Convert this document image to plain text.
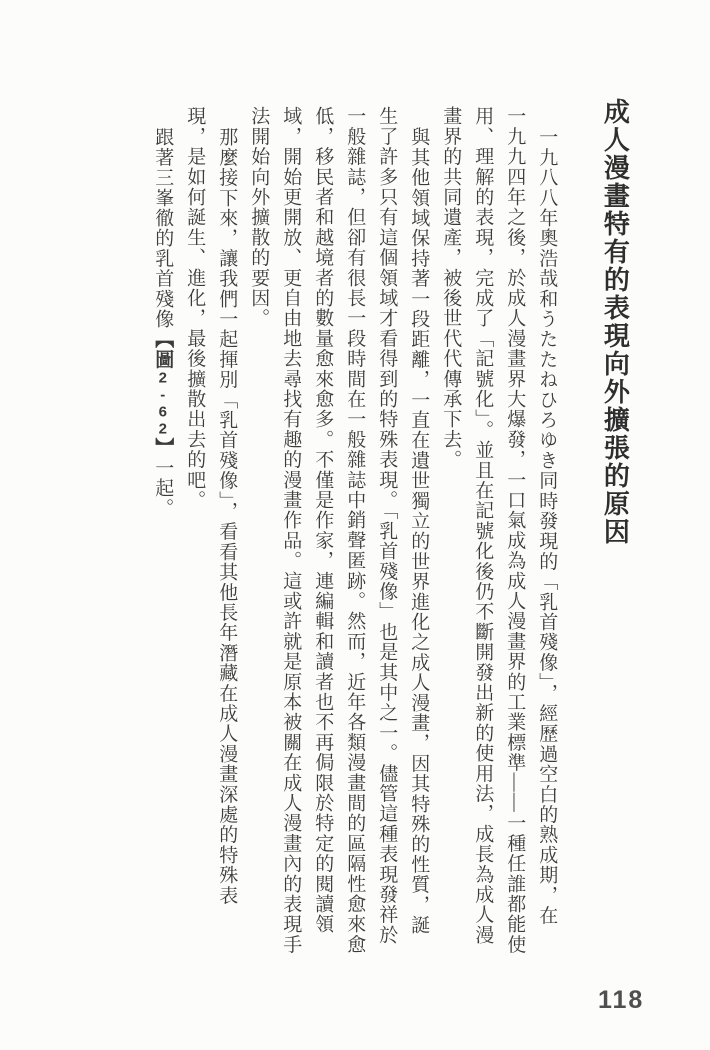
成人漫畫特有的表現向外擴張的原因
一九八八年奧浩哉和うたたねひろゆき同時發現的「乳首殘像」，經歷過空白的熟成期，在
一九九四年之後，於成人漫畫界大爆發，一口氣成為成人漫畫界的工業標準——一種任誰都能使
用、理解的表現，完成了「記號化」。並且在記號化後仍不斷開發出新的使用法，成長為成人漫
畫界的共同遺產，被後世代代傳承下去。
與其他領域保持著一段距離，一直在遺世獨立的世界進化之成人漫畫，因其特殊的性質，誕
生了許多只有這個領域才看得到的特殊表現。「乳首殘像」也是其中之一。儘管這種表現發祥於
一般雜誌，但卻有很長一段時間在一般雜誌中銷聲匿跡。然而，近年各類漫畫間的區隔性愈來愈
低，移民者和越境者的數量愈來愈多。不僅是作家，連編輯和讀者也不再侷限於特定的閱讀領
域，開始更開放、更自由地去尋找有趣的漫畫作品。這或許就是原本被關在成人漫畫內的表現手
法開始向外擴散的要因。
那麼接下來，讓我們一起揮別「乳首殘像」，看看其他長年潛藏在成人漫畫深處的特殊表
現，是如何誕生、進化，最後擴散出去的吧。
跟著三峯徹的乳首殘像【圖2-62】一起。
118
